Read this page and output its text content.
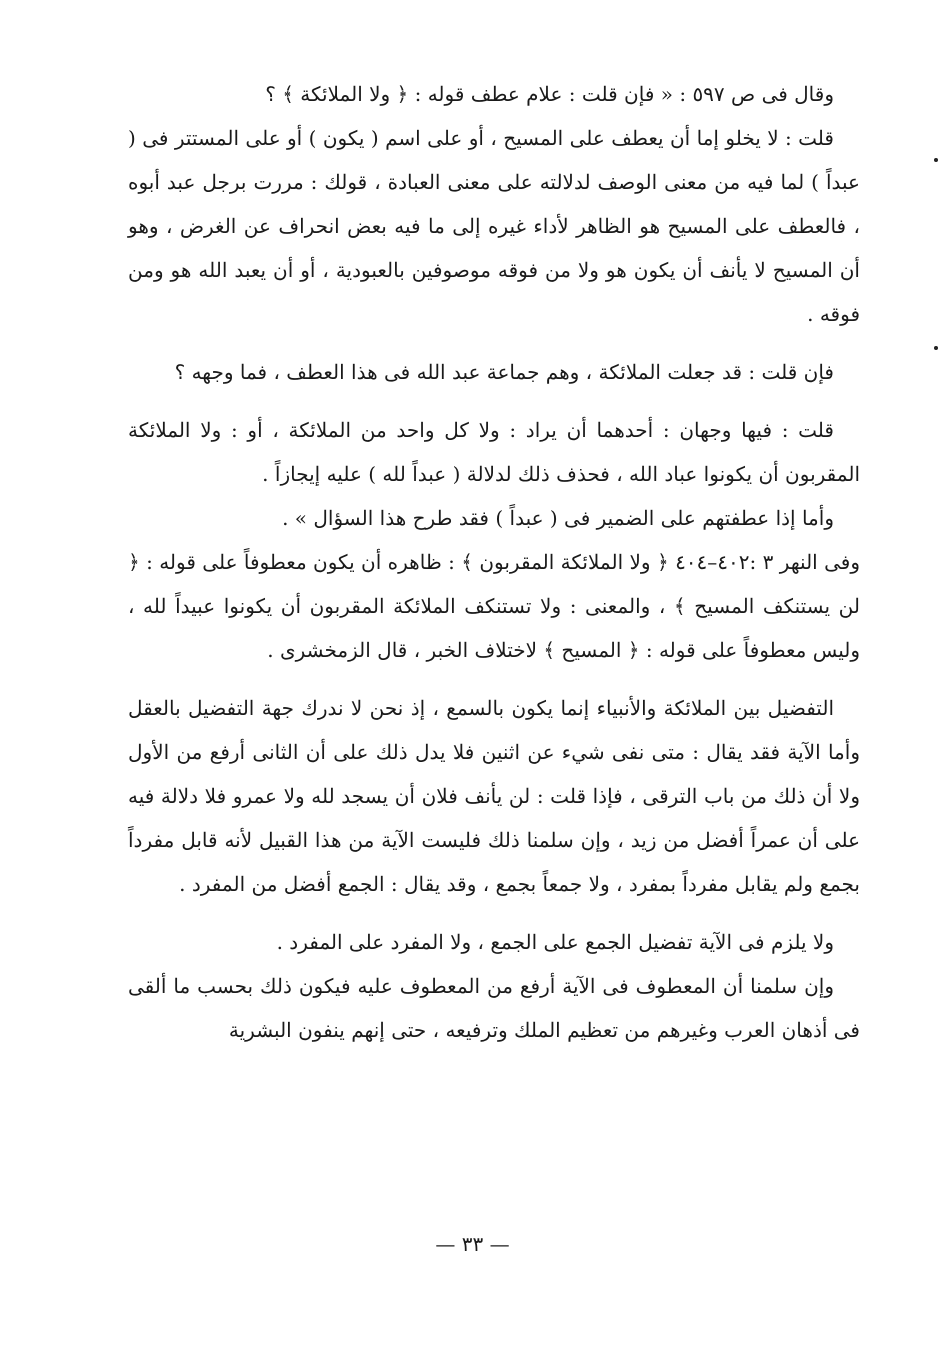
وقال فى ص ٥٩٧ : « فإن قلت : علام عطف قوله : ﴿ ولا الملائكة ﴾ ؟

قلت : لا يخلو إما أن يعطف على المسيح ، أو على اسم ( يكون ) أو على المستتر فى ( عبداً ) لما فيه من معنى الوصف لدلالته على معنى العبادة ، قولك : مررت برجل عبد أبوه ، فالعطف على المسيح هو الظاهر لأداء غيره إلى ما فيه بعض انحراف عن الغرض ، وهو أن المسيح لا يأنف أن يكون هو ولا من فوقه موصوفين بالعبودية ، أو أن يعبد الله هو ومن فوقه .

فإن قلت : قد جعلت الملائكة ، وهم جماعة عبد الله فى هذا العطف ، فما وجهه ؟

قلت : فيها وجهان : أحدهما أن يراد : ولا كل واحد من الملائكة ، أو : ولا الملائكة المقربون أن يكونوا عباد الله ، فحذف ذلك لدلالة ( عبداً لله ) عليه إيجازاً .

وأما إذا عطفتهم على الضمير فى ( عبداً ) فقد طرح هذا السؤال » .

وفى النهر ٣ :٤٠٢–٤٠٤ ﴿ ولا الملائكة المقربون ﴾ : ظاهره أن يكون معطوفاً على قوله : ﴿ لن يستنكف المسيح ﴾ ، والمعنى : ولا تستنكف الملائكة المقربون أن يكونوا عبيداً لله ، وليس معطوفاً على قوله : ﴿ المسيح ﴾ لاختلاف الخبر ، قال الزمخشرى .

التفضيل بين الملائكة والأنبياء إنما يكون بالسمع ، إذ نحن لا ندرك جهة التفضيل بالعقل وأما الآية فقد يقال : متى نفى شيء عن اثنين فلا يدل ذلك على أن الثانى أرفع من الأول ولا أن ذلك من باب الترقى ، فإذا قلت : لن يأنف فلان أن يسجد لله ولا عمرو فلا دلالة فيه على أن عمراً أفضل من زيد ، وإن سلمنا ذلك فليست الآية من هذا القبيل لأنه قابل مفرداً بجمع ولم يقابل مفرداً بمفرد ، ولا جمعاً بجمع ، وقد يقال : الجمع أفضل من المفرد .

ولا يلزم فى الآية تفضيل الجمع على الجمع ، ولا المفرد على المفرد .

وإن سلمنا أن المعطوف فى الآية أرفع من المعطوف عليه فيكون ذلك بحسب ما ألقى فى أذهان العرب وغيرهم من تعظيم الملك وترفيعه ، حتى إنهم ينفون البشرية

— ٣٣ —
